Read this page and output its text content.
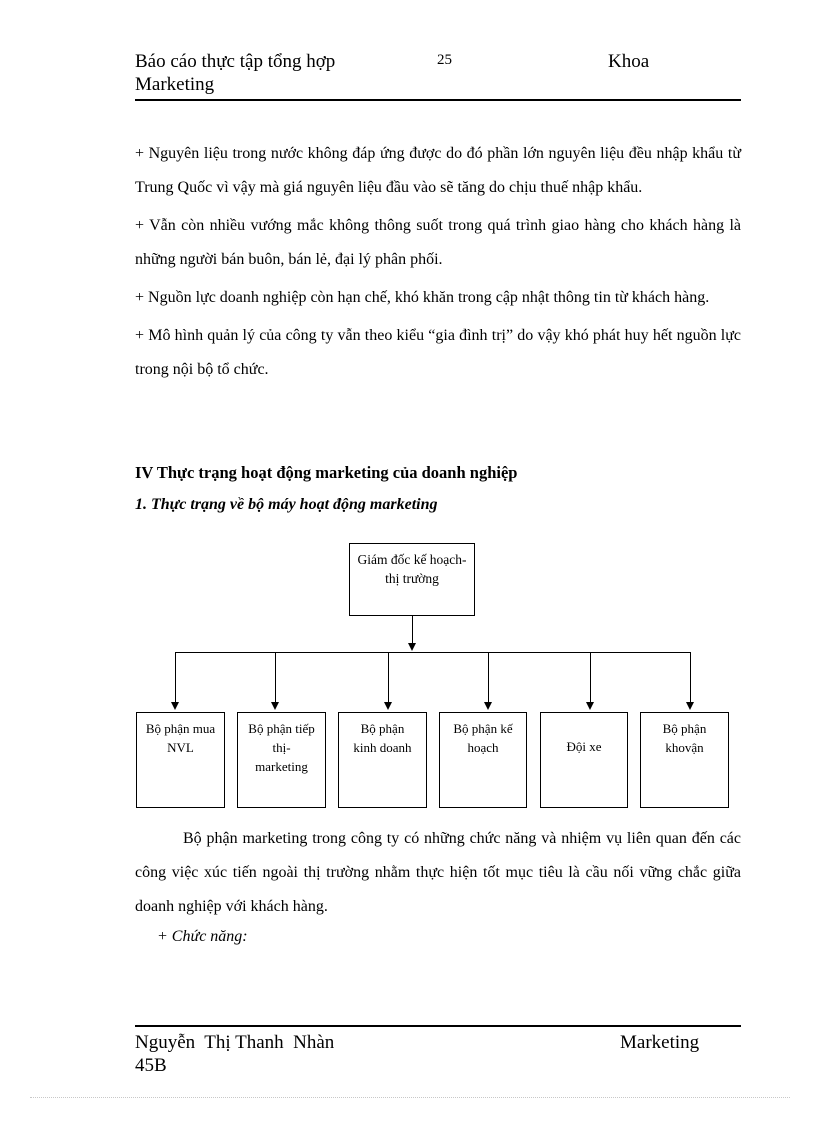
Báo cáo thực tập tổng hợp	25	Khoa
Marketing

+ Nguyên liệu trong nước không đáp ứng được do đó phần lớn nguyên liệu đều nhập khẩu từ Trung Quốc vì vậy mà giá nguyên liệu đầu vào sẽ tăng do chịu thuế nhập khẩu.

+ Vẫn còn nhiều vướng mắc không thông suốt trong quá trình giao hàng cho khách hàng là những người bán buôn, bán lẻ, đại lý phân phối.

+ Nguồn lực doanh nghiệp còn hạn chế, khó khăn trong cập nhật thông tin từ khách hàng.

+ Mô hình quản lý của công ty vẫn theo kiểu “gia đình trị” do vậy khó phát huy hết nguồn lực trong nội bộ tổ chức.

IV Thực trạng hoạt động marketing của doanh nghiệp
1. Thực trạng về bộ máy hoạt động marketing
Giám đốc kế hoạch- thị trường
Bộ phận mua NVL
Bộ phận tiếp thị- marketing
Bộ phận kinh doanh
Bộ phận kế hoạch	Đội xe
Bộ phận khovận

Bộ phận marketing trong công ty có những chức năng và nhiệm vụ liên quan đến các công việc xúc tiến ngoài thị trường nhằm thực hiện tốt mục tiêu là cầu nối vững chắc giữa doanh nghiệp với khách hàng.

+ Chức năng:
Nguyễn  Thị Thanh  Nhàn	Marketing
45B
